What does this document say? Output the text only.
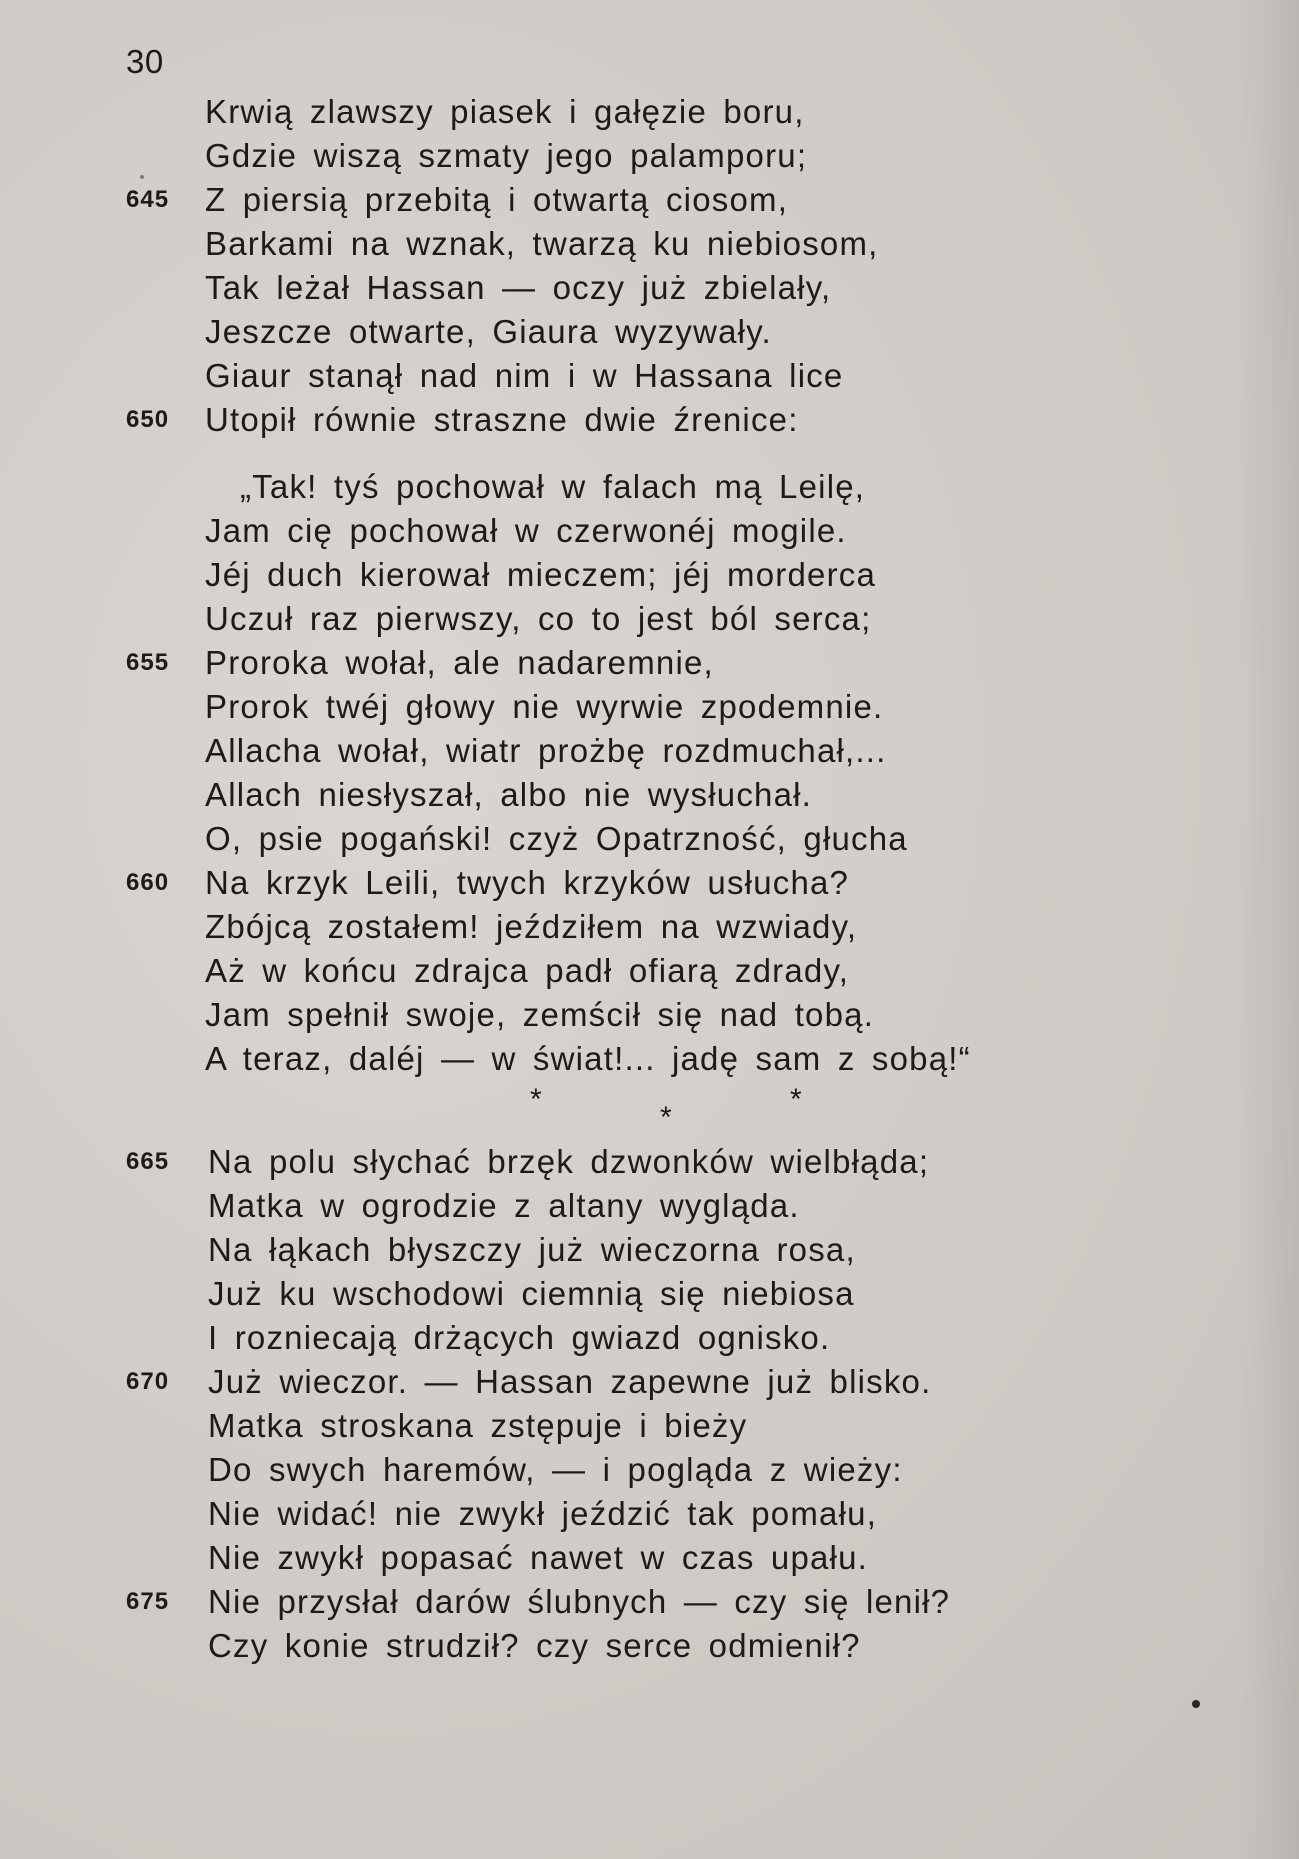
30
Krwią zlawszy piasek i gałęzie boru,
Gdzie wiszą szmaty jego palamporu;
645 Z piersią przebitą i otwartą ciosom,
Barkami na wznak, twarzą ku niebiosom,
Tak leżał Hassan — oczy już zbielały,
Jeszcze otwarte, Giaura wyzywały.
Giaur stanął nad nim i w Hassana lice
650 Utopił równie straszne dwie źrenice:
„Tak! tyś pochował w falach mą Leilę,
Jam cię pochował w czerwonéj mogile.
Jéj duch kierował mieczem; jéj morderca
Uczuł raz pierwszy, co to jest ból serca;
655 Proroka wołał, ale nadaremnie,
Prorok twéj głowy nie wyrwie zpodemnie.
Allacha wołał, wiatr prożbę rozdmuchał,...
Allach niesłyszał, albo nie wysłuchał.
O, psie pogański! czyż Opatrzność, głucha
660 Na krzyk Leili, twych krzyków usłucha?
Zbójcą zostałem! jeździłem na wzwiady,
Aż w końcu zdrajca padł ofiarą zdrady,
Jam spełnił swoje, zemścił się nad tobą.
A teraz, daléj — w świat!... jadę sam z sobą!“
*
*
*
665 Na polu słychać brzęk dzwonków wielbłąda;
Matka w ogrodzie z altany wygląda.
Na łąkach błyszczy już wieczorna rosa,
Już ku wschodowi ciemnią się niebiosa
I rozniecają drżących gwiazd ognisko.
670 Już wieczor. — Hassan zapewne już blisko.
Matka stroskana zstępuje i bieży
Do swych haremów, — i pogląda z wieży:
Nie widać! nie zwykł jeździć tak pomału,
Nie zwykł popasać nawet w czas upału.
675 Nie przysłał darów ślubnych — czy się lenił?
Czy konie strudził? czy serce odmienił?
